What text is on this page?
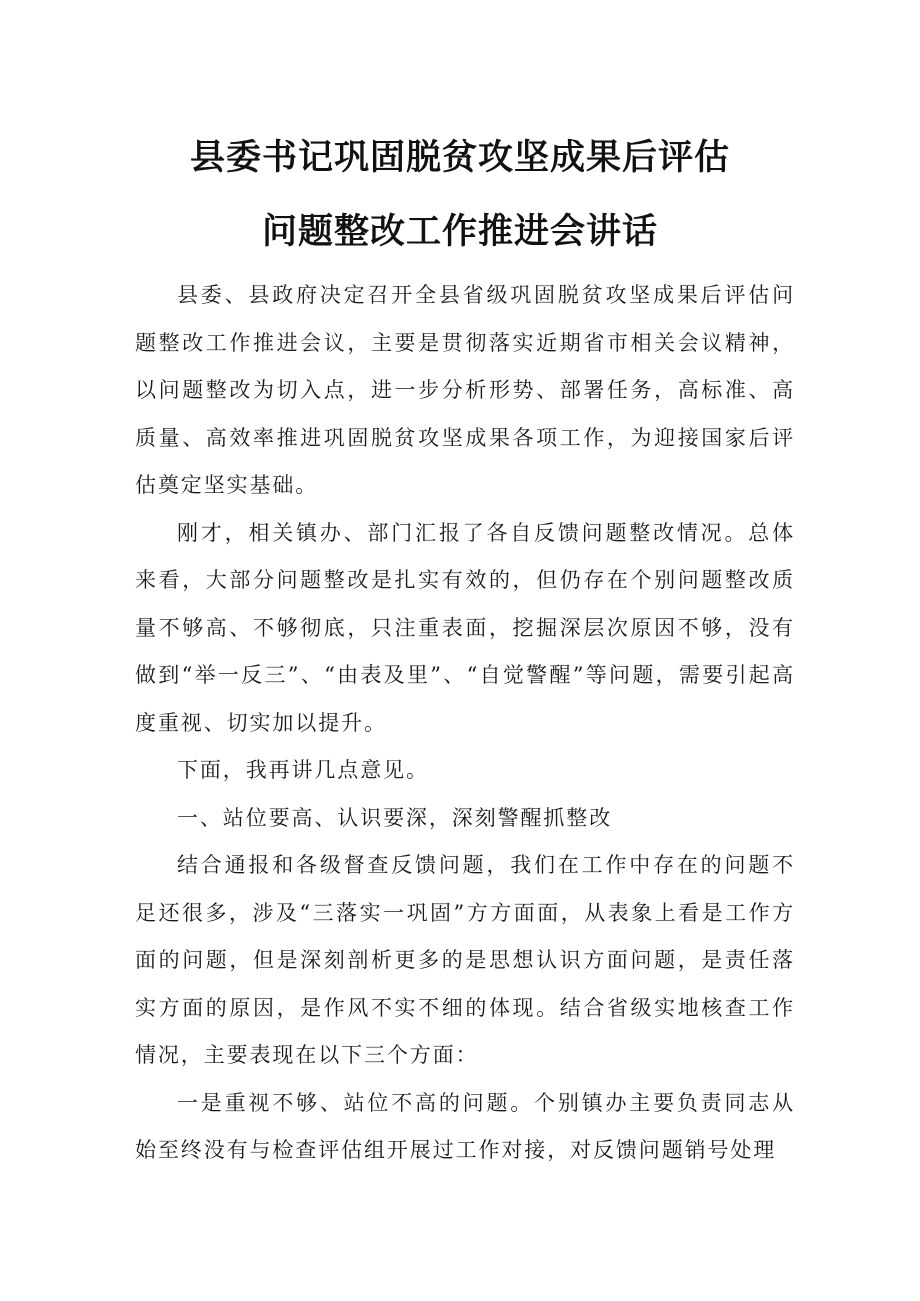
县委书记巩固脱贫攻坚成果后评估
问题整改工作推进会讲话

县委、县政府决定召开全县省级巩固脱贫攻坚成果后评估问题整改工作推进会议，主要是贯彻落实近期省市相关会议精神，以问题整改为切入点，进一步分析形势、部署任务，高标准、高质量、高效率推进巩固脱贫攻坚成果各项工作，为迎接国家后评估奠定坚实基础。

刚才，相关镇办、部门汇报了各自反馈问题整改情况。总体来看，大部分问题整改是扎实有效的，但仍存在个别问题整改质量不够高、不够彻底，只注重表面，挖掘深层次原因不够，没有做到“举一反三”、“由表及里”、“自觉警醒”等问题，需要引起高度重视、切实加以提升。

下面，我再讲几点意见。

一、站位要高、认识要深，深刻警醒抓整改

结合通报和各级督查反馈问题，我们在工作中存在的问题不足还很多，涉及“三落实一巩固”方方面面，从表象上看是工作方面的问题，但是深刻剖析更多的是思想认识方面问题，是责任落实方面的原因，是作风不实不细的体现。结合省级实地核查工作情况，主要表现在以下三个方面：

一是重视不够、站位不高的问题。个别镇办主要负责同志从始至终没有与检查评估组开展过工作对接，对反馈问题销号处理
